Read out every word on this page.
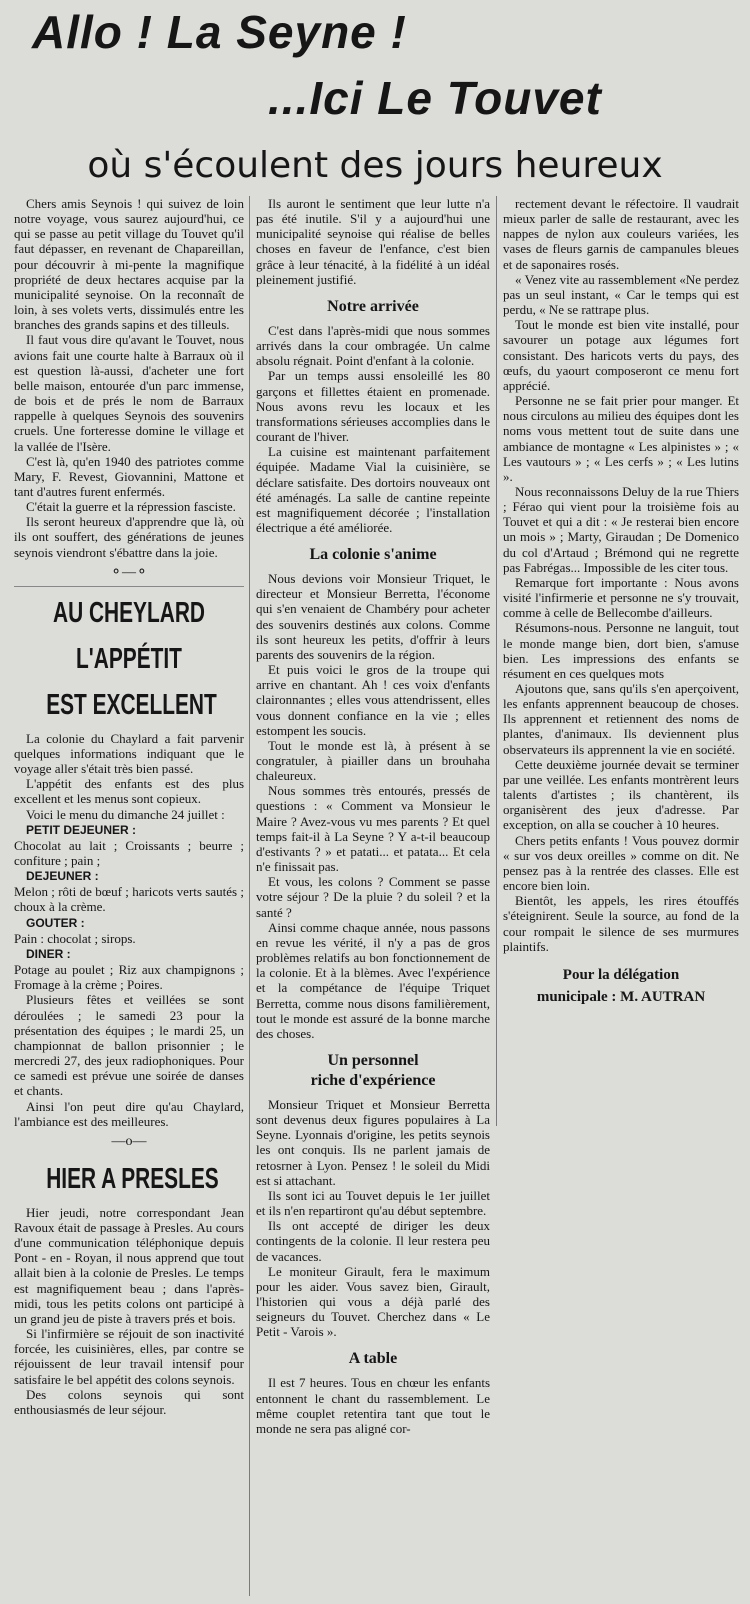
Allo ! La Seyne !
...Ici Le Touvet
où s'écoulent des jours heureux

Chers amis Seynois ! qui suivez de loin notre voyage, vous saurez aujourd'hui, ce qui se passe au petit village du Touvet qu'il faut dépasser, en revenant de Chapareillan, pour découvrir à mi-pente la magnifique propriété de deux hectares acquise par la municipalité seynoise. On la reconnaît de loin, à ses volets verts, dissimulés entre les branches des grands sapins et des tilleuls.

Il faut vous dire qu'avant le Touvet, nous avions fait une courte halte à Barraux où il est question là-aussi, d'acheter une fort belle maison, entourée d'un parc immense, de bois et de prés le nom de Barraux rappelle à quelques Seynois des souvenirs cruels. Une forteresse domine le village et la vallée de l'Isère.

C'est là, qu'en 1940 des patriotes comme Mary, F. Revest, Giovannini, Mattone et tant d'autres furent enfermés.

C'était la guerre et la répression fasciste.

Ils seront heureux d'apprendre que là, où ils ont souffert, des générations de jeunes seynois viendront s'ébattre dans la joie.

⚬—⚬
AU CHEYLARD
L'APPÉTIT
EST EXCELLENT

La colonie du Chaylard a fait parvenir quelques informations indiquant que le voyage aller s'était très bien passé.

L'appétit des enfants est des plus excellent et les menus sont copieux.

Voici le menu du dimanche 24 juillet :

PETIT DEJEUNER :
Chocolat au lait ; Croissants ; beurre ; confiture ; pain ;

DEJEUNER :
Melon ; rôti de bœuf ; haricots verts sautés ; choux à la crème.

GOUTER :
Pain : chocolat ; sirops.

DINER :
Potage au poulet ; Riz aux champignons ; Fromage à la crème ; Poires.

Plusieurs fêtes et veillées se sont déroulées ; le samedi 23 pour la présentation des équipes ; le mardi 25, un championnat de ballon prisonnier ; le mercredi 27, des jeux radiophoniques. Pour ce samedi est prévue une soirée de danses et chants.

Ainsi l'on peut dire qu'au Chaylard, l'ambiance est des meilleures.

—o—
HIER A PRESLES

Hier jeudi, notre correspondant Jean Ravoux était de passage à Presles. Au cours d'une communication téléphonique depuis Pont - en - Royan, il nous apprend que tout allait bien à la colonie de Presles. Le temps est magnifiquement beau ; dans l'après-midi, tous les petits colons ont participé à un grand jeu de piste à travers prés et bois.

Si l'infirmière se réjouit de son inactivité forcée, les cuisinières, elles, par contre se réjouissent de leur travail intensif pour satisfaire le bel appétit des colons seynois.

Des colons seynois qui sont enthousiasmés de leur séjour.

Ils auront le sentiment que leur lutte n'a pas été inutile. S'il y a aujourd'hui une municipalité seynoise qui réalise de belles choses en faveur de l'enfance, c'est bien grâce à leur ténacité, à la fidélité à un idéal pleinement justifié.

Notre arrivée

C'est dans l'après-midi que nous sommes arrivés dans la cour ombragée. Un calme absolu régnait. Point d'enfant à la colonie.

Par un temps aussi ensoleillé les 80 garçons et fillettes étaient en promenade. Nous avons revu les locaux et les transformations sérieuses accomplies dans le courant de l'hiver.

La cuisine est maintenant parfaitement équipée. Madame Vial la cuisinière, se déclare satisfaite. Des dortoirs nouveaux ont été aménagés. La salle de cantine repeinte est magnifiquement décorée ; l'installation électrique a été améliorée.

La colonie s'anime

Nous devions voir Monsieur Triquet, le directeur et Monsieur Berretta, l'économe qui s'en venaient de Chambéry pour acheter des souvenirs destinés aux colons. Comme ils sont heureux les petits, d'offrir à leurs parents des souvenirs de la région.

Et puis voici le gros de la troupe qui arrive en chantant. Ah ! ces voix d'enfants claironnantes ; elles vous attendrissent, elles vous donnent confiance en la vie ; elles estompent les soucis.

Tout le monde est là, à présent à se congratuler, à piailler dans un brouhaha chaleureux.

Nous sommes très entourés, pressés de questions : « Comment va Monsieur le Maire ? Avez-vous vu mes parents ? Et quel temps fait-il à La Seyne ? Y a-t-il beaucoup d'estivants ? » et patati... et patata... Et cela n'e finissait pas.

Et vous, les colons ? Comment se passe votre séjour ? De la pluie ? du soleil ? et la santé ?

Ainsi comme chaque année, nous passons en revue les vérité, il n'y a pas de gros problèmes relatifs au bon fonctionnement de la colonie. Et à la blèmes. Avec l'expérience et la compétance de l'équipe Triquet Berretta, comme nous disons familièrement, tout le monde est assuré de la bonne marche des choses.

Un personnel
riche d'expérience

Monsieur Triquet et Monsieur Berretta sont devenus deux figures populaires à La Seyne. Lyonnais d'origine, les petits seynois les ont conquis. Ils ne parlent jamais de retosrner à Lyon. Pensez ! le soleil du Midi est si attachant.

Ils sont ici au Touvet depuis le 1er juillet et ils n'en repartiront qu'au début septembre.

Ils ont accepté de diriger les deux contingents de la colonie. Il leur restera peu de vacances.

Le moniteur Girault, fera le maximum pour les aider. Vous savez bien, Girault, l'historien qui vous a déjà parlé des seigneurs du Touvet. Cherchez dans « Le Petit - Varois ».

A table

Il est 7 heures. Tous en chœur les enfants entonnent le chant du rassemblement. Le même couplet retentira tant que tout le monde ne sera pas aligné cor-

rectement devant le réfectoire. Il vaudrait mieux parler de salle de restaurant, avec les nappes de nylon aux couleurs variées, les vases de fleurs garnis de campanules bleues et de saponaires rosés.

« Venez vite au rassemblement «Ne perdez pas un seul instant, « Car le temps qui est perdu, « Ne se rattrape plus.

Tout le monde est bien vite installé, pour savourer un potage aux légumes fort consistant. Des haricots verts du pays, des œufs, du yaourt composeront ce menu fort apprécié.

Personne ne se fait prier pour manger. Et nous circulons au milieu des équipes dont les noms vous mettent tout de suite dans une ambiance de montagne « Les alpinistes » ; « Les vautours » ; « Les cerfs » ; « Les lutins ».

Nous reconnaissons Deluy de la rue Thiers ; Férao qui vient pour la troisième fois au Touvet et qui a dit : « Je resterai bien encore un mois » ; Marty, Giraudan ; De Domenico du col d'Artaud ; Brémond qui ne regrette pas Fabrégas... Impossible de les citer tous.

Remarque fort importante : Nous avons visité l'infirmerie et personne ne s'y trouvait, comme à celle de Bellecombe d'ailleurs.

Résumons-nous. Personne ne languit, tout le monde mange bien, dort bien, s'amuse bien. Les impressions des enfants se résument en ces quelques mots

Ajoutons que, sans qu'ils s'en aperçoivent, les enfants apprennent beaucoup de choses. Ils apprennent et retiennent des noms de plantes, d'animaux. Ils deviennent plus observateurs ils apprennent la vie en société.

Cette deuxième journée devait se terminer par une veillée. Les enfants montrèrent leurs talents d'artistes ; ils chantèrent, ils organisèrent des jeux d'adresse. Par exception, on alla se coucher à 10 heures.

Chers petits enfants ! Vous pouvez dormir « sur vos deux oreilles » comme on dit. Ne pensez pas à la rentrée des classes. Elle est encore bien loin.

Bientôt, les appels, les rires étouffés s'éteignirent. Seule la source, au fond de la cour rompait le silence de ses murmures plaintifs.

Pour la délégation
municipale : M. AUTRAN
